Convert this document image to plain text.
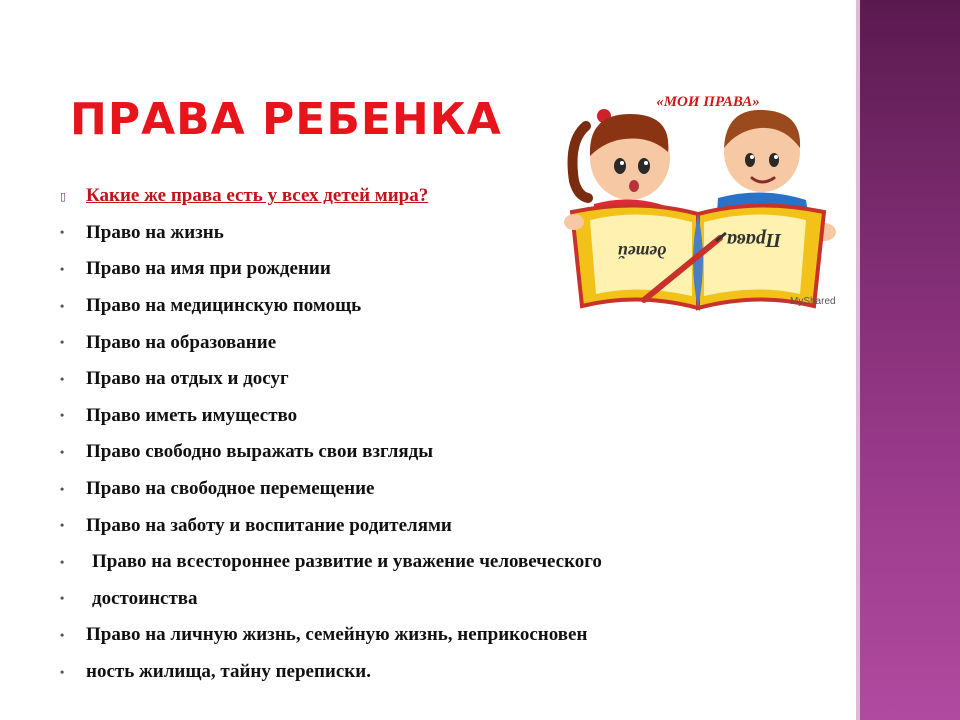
ПРАВА РЕБЕНКА
▯	Какие же права есть у всех детей мира?
•	Право на жизнь
•	Право на имя при рождении
•	Право на медицинскую помощь
•	Право на образование
•	Право на отдых и досуг
•	Право иметь имущество
•	Право свободно выражать свои взгляды
•	Право на свободное перемещение
•	Право на заботу и воспитание родителями
•	Право на всестороннее развитие и уважение человеческого
•	достоинства
•	Право на личную жизнь, семейную жизнь, неприкосновен
•	ность жилища, тайну переписки.
«МОИ ПРАВА»
детей
Права
MyShared
